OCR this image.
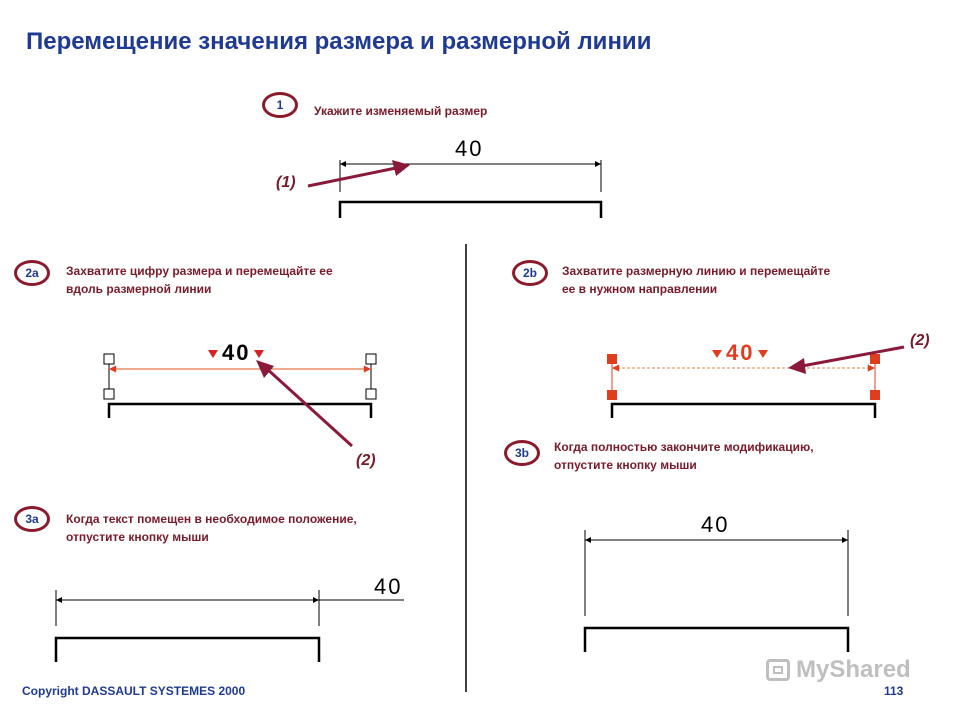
Перемещение значения размера и размерной линии
1	Укажите изменяемый размер
2a	Захватите цифру размера и перемещайте ее
вдоль размерной линии
2b	Захватите размерную линию и перемещайте
ее в нужном направлении
3a	Когда текст помещен в необходимое положение,
отпустите кнопку мыши
3b	Когда полностью закончите модификацию,
отпустите кнопку мыши
40
40	40
40
40
(1)
(2)
(2)
Copyright DASSAULT SYSTEMES 2000	113
MyShared
